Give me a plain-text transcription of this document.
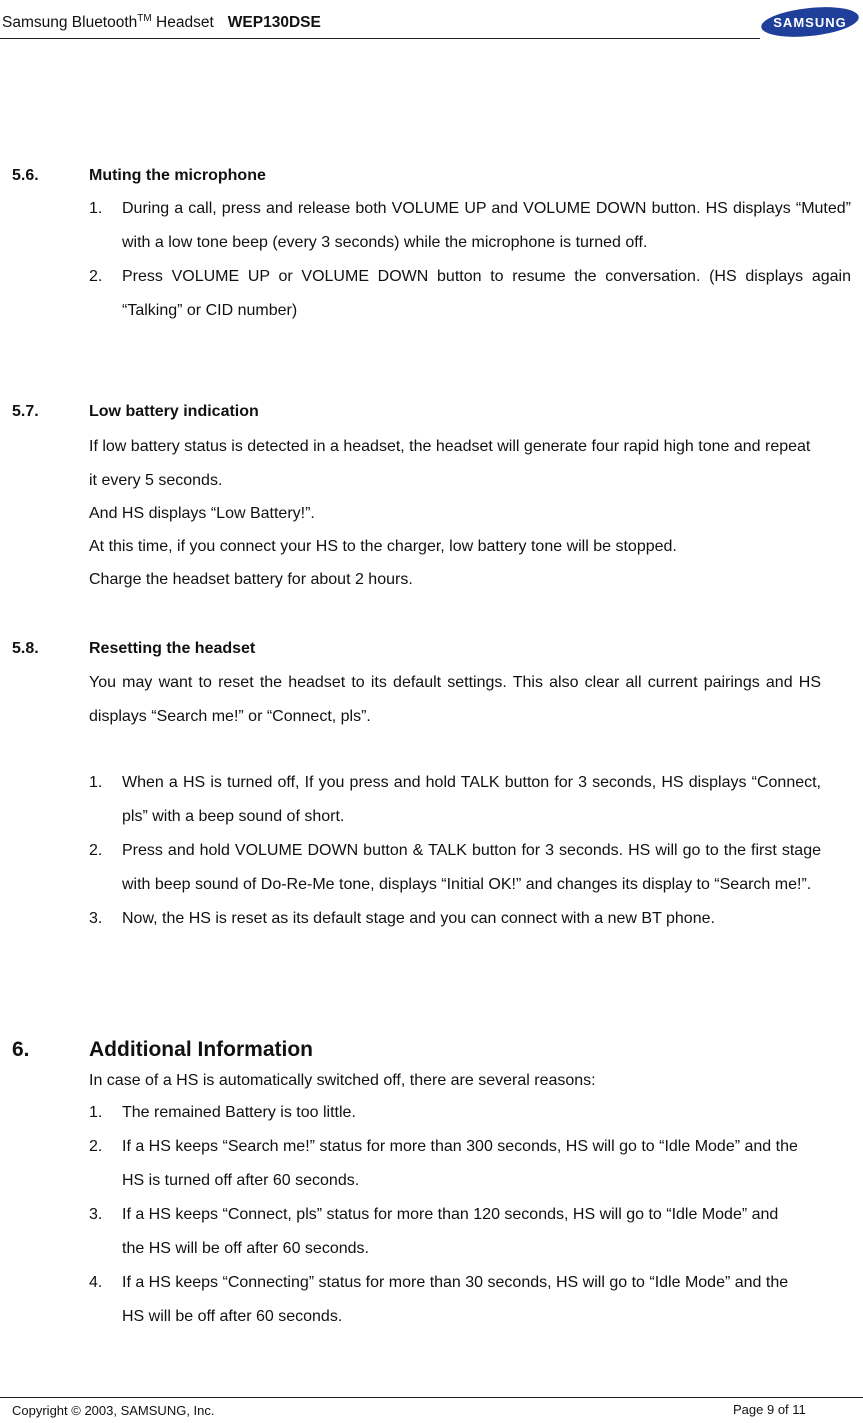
Samsung Bluetooth™ Headset WEP130DSE	SAMSUNG
5.6.	Muting the microphone
1. During a call, press and release both VOLUME UP and VOLUME DOWN button. HS displays “Muted” with a low tone beep (every 3 seconds) while the microphone is turned off.
2. Press VOLUME UP or VOLUME DOWN button to resume the conversation. (HS displays again “Talking” or CID number)
5.7.	Low battery indication
If low battery status is detected in a headset, the headset will generate four rapid high tone and repeat it every 5 seconds.
And HS displays “Low Battery!”.
At this time, if you connect your HS to the charger, low battery tone will be stopped.
Charge the headset battery for about 2 hours.
5.8.	Resetting the headset
You may want to reset the headset to its default settings. This also clear all current pairings and HS displays “Search me!” or “Connect, pls”.
1. When a HS is turned off, If you press and hold TALK button for 3 seconds, HS displays “Connect, pls” with a beep sound of short.
2. Press and hold VOLUME DOWN button & TALK button for 3 seconds. HS will go to the first stage with beep sound of Do-Re-Me tone, displays “Initial OK!” and changes its display to “Search me!”.
3. Now, the HS is reset as its default stage and you can connect with a new BT phone.
6.	Additional Information
In case of a HS is automatically switched off, there are several reasons:
1. The remained Battery is too little.
2. If a HS keeps “Search me!” status for more than 300 seconds, HS will go to “Idle Mode” and the HS is turned off after 60 seconds.
3. If a HS keeps “Connect, pls” status for more than 120 seconds, HS will go to “Idle Mode” and the HS will be off after 60 seconds.
4. If a HS keeps “Connecting” status for more than 30 seconds, HS will go to “Idle Mode” and the HS will be off after 60 seconds.
Copyright © 2003, SAMSUNG, Inc.	Page 9 of 11
